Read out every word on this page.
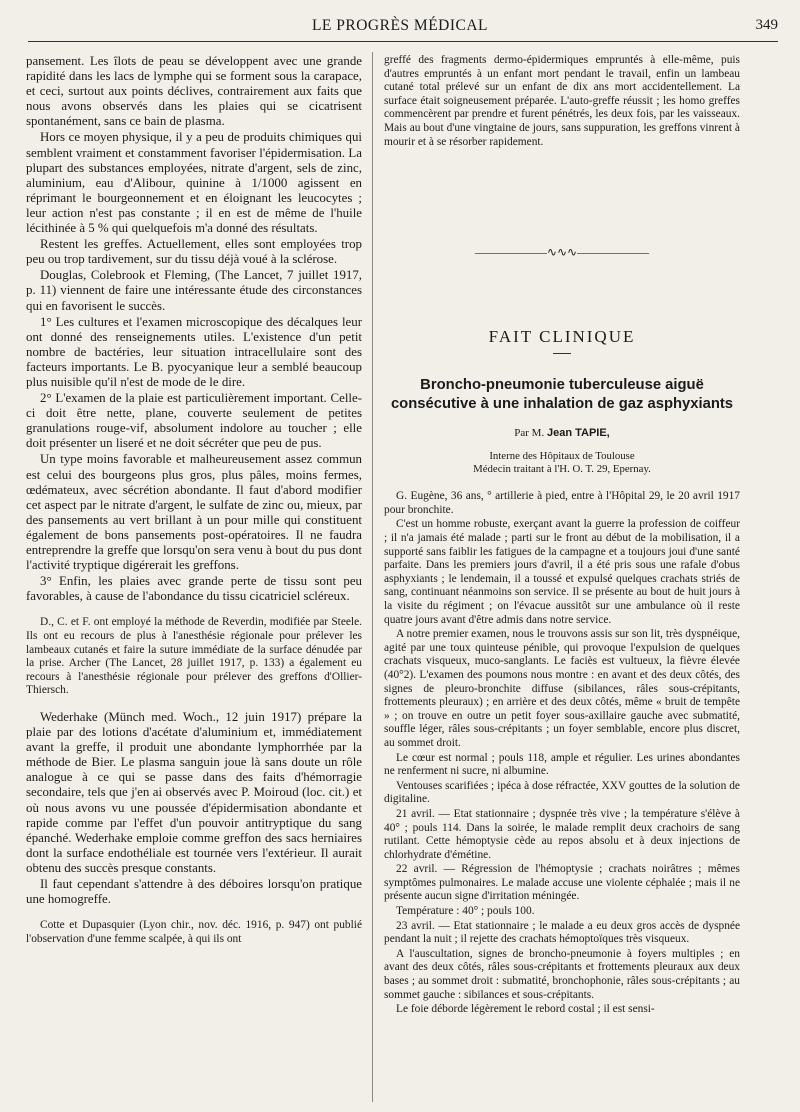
LE PROGRÈS MÉDICAL	349

pansement. Les îlots de peau se développent avec une grande rapidité dans les lacs de lymphe qui se forment sous la carapace, et ceci, surtout aux points déclives, contrairement aux faits que nous avons observés dans les plaies qui se cicatrisent spontanément, sans ce bain de plasma.

Hors ce moyen physique, il y a peu de produits chimiques qui semblent vraiment et constamment favoriser l'épidermisation. La plupart des substances employées, nitrate d'argent, sels de zinc, aluminium, eau d'Alibour, quinine à 1/1000 agissent en réprimant le bourgeonnement et en éloignant les leucocytes ; leur action n'est pas constante ; il en est de même de l'huile lécithinée à 5 % qui quelquefois m'a donné des résultats.

Restent les greffes. Actuellement, elles sont employées trop peu ou trop tardivement, sur du tissu déjà voué à la sclérose.

Douglas, Colebrook et Fleming, (The Lancet, 7 juillet 1917, p. 11) viennent de faire une intéressante étude des circonstances qui en favorisent le succès.

1° Les cultures et l'examen microscopique des décalques leur ont donné des renseignements utiles. L'existence d'un petit nombre de bactéries, leur situation intracellulaire sont des facteurs importants. Le B. pyocyanique leur a semblé beaucoup plus nuisible qu'il n'est de mode de le dire.

2° L'examen de la plaie est particulièrement important. Celle-ci doit être nette, plane, couverte seulement de petites granulations rouge-vif, absolument indolore au toucher ; elle doit présenter un liseré et ne doit sécréter que peu de pus.

Un type moins favorable et malheureusement assez commun est celui des bourgeons plus gros, plus pâles, moins fermes, œdémateux, avec sécrétion abondante. Il faut d'abord modifier cet aspect par le nitrate d'argent, le sulfate de zinc ou, mieux, par des pansements au vert brillant à un pour mille qui constituent également de bons pansements post-opératoires. Il ne faudra entreprendre la greffe que lorsqu'on sera venu à bout du pus dont l'activité tryptique digérerait les greffons.

3° Enfin, les plaies avec grande perte de tissu sont peu favorables, à cause de l'abondance du tissu cicatriciel scléreux.

D., C. et F. ont employé la méthode de Reverdin, modifiée par Steele. Ils ont eu recours de plus à l'anesthésie régionale pour prélever les lambeaux cutanés et faire la suture immédiate de la surface dénudée par la prise. Archer (The Lancet, 28 juillet 1917, p. 133) a également eu recours à l'anesthésie régionale pour prélever des greffons d'Ollier-Thiersch.

Wederhake (Münch med. Woch., 12 juin 1917) prépare la plaie par des lotions d'acétate d'aluminium et, immédiatement avant la greffe, il produit une abondante lymphorrhée par la méthode de Bier. Le plasma sanguin joue là sans doute un rôle analogue à ce qui se passe dans des faits d'hémorragie secondaire, tels que j'en ai observés avec P. Moiroud (loc. cit.) et où nous avons vu une poussée d'épidermisation abondante et rapide comme par l'effet d'un pouvoir antitryptique du sang épanché. Wederhake emploie comme greffon des sacs herniaires dont la surface endothéliale est tournée vers l'extérieur. Il aurait obtenu des succès presque constants.

Il faut cependant s'attendre à des déboires lorsqu'on pratique une homogreffe.

Cotte et Dupasquier (Lyon chir., nov. déc. 1916, p. 947) ont publié l'observation d'une femme scalpée, à qui ils ont

greffé des fragments dermo-épidermiques empruntés à elle-même, puis d'autres empruntés à un enfant mort pendant le travail, enfin un lambeau cutané total prélevé sur un enfant de dix ans mort accidentellement. La surface était soigneusement préparée. L'auto-greffe réussit ; les homo greffes commencèrent par prendre et furent pénétrés, les deux fois, par les vaisseaux. Mais au bout d'une vingtaine de jours, sans suppuration, les greffons vinrent à mourir et à se résorber rapidement.

——————∿∿∿——————
FAIT CLINIQUE
Broncho-pneumonie tuberculeuse aiguë consécutive à une inhalation de gaz asphyxiants
Par M. Jean TAPIE,
Interne des Hôpitaux de Toulouse
Médecin traitant à l'H. O. T. 29, Epernay.

G. Eugène, 36 ans, ° artillerie à pied, entre à l'Hôpital 29, le 20 avril 1917 pour bronchite.

C'est un homme robuste, exerçant avant la guerre la profession de coiffeur ; il n'a jamais été malade ; parti sur le front au début de la mobilisation, il a supporté sans faiblir les fatigues de la campagne et a toujours joui d'une santé parfaite. Dans les premiers jours d'avril, il a été pris sous une rafale d'obus asphyxiants ; le lendemain, il a toussé et expulsé quelques crachats striés de sang, continuant néanmoins son service. Il se présente au bout de huit jours à la visite du régiment ; on l'évacue aussitôt sur une ambulance où il reste quatre jours avant d'être admis dans notre service.

A notre premier examen, nous le trouvons assis sur son lit, très dyspnéique, agité par une toux quinteuse pénible, qui provoque l'expulsion de quelques crachats visqueux, muco-sanglants. Le faciès est vultueux, la fièvre élevée (40°2). L'examen des poumons nous montre : en avant et des deux côtés, des signes de pleuro-bronchite diffuse (sibilances, râles sous-crépitants, frottements pleuraux) ; en arrière et des deux côtés, même « bruit de tempête » ; on trouve en outre un petit foyer sous-axillaire gauche avec submatité, souffle léger, râles sous-crépitants ; un foyer semblable, encore plus discret, au sommet droit.

Le cœur est normal ; pouls 118, ample et régulier. Les urines abondantes ne renferment ni sucre, ni albumine.

Ventouses scarifiées ; ipéca à dose réfractée, XXV gouttes de la solution de digitaline.

21 avril. — Etat stationnaire ; dyspnée très vive ; la température s'élève à 40° ; pouls 114. Dans la soirée, le malade remplit deux crachoirs de sang rutilant. Cette hémoptysie cède au repos absolu et à deux injections de chlorhydrate d'émétine.

22 avril. — Régression de l'hémoptysie ; crachats noirâtres ; mêmes symptômes pulmonaires. Le malade accuse une violente céphalée ; mais il ne présente aucun signe d'irritation méningée.

Température : 40° ; pouls 100.

23 avril. — Etat stationnaire ; le malade a eu deux gros accès de dyspnée pendant la nuit ; il rejette des crachats hémoptoïques très visqueux.

A l'auscultation, signes de broncho-pneumonie à foyers multiples ; en avant des deux côtés, râles sous-crépitants et frottements pleuraux aux deux bases ; au sommet droit : submatité, bronchophonie, râles sous-crépitants ; au sommet gauche : sibilances et sous-crépitants.

Le foie déborde légèrement le rebord costal ; il est sensi-
